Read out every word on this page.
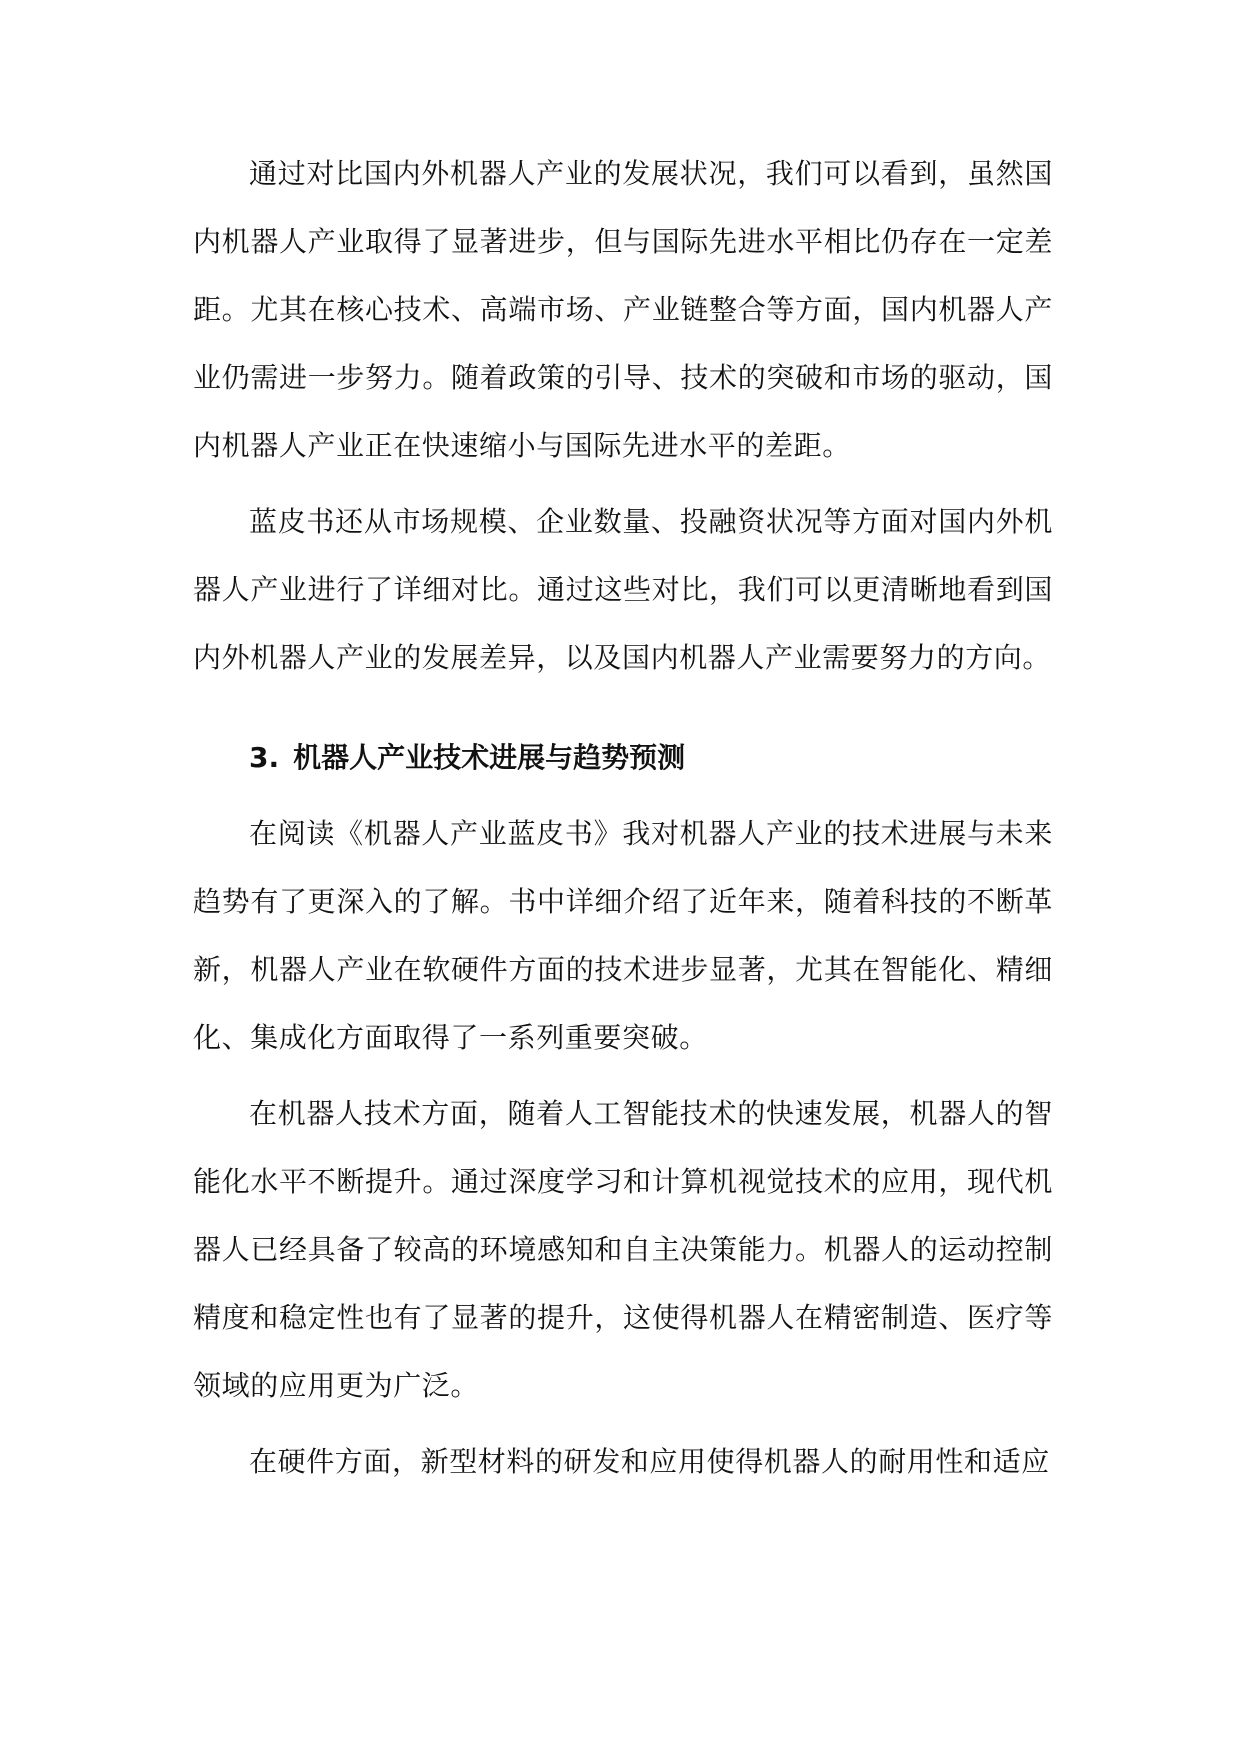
通过对比国内外机器人产业的发展状况，我们可以看到，虽然国内机器人产业取得了显著进步，但与国际先进水平相比仍存在一定差距。尤其在核心技术、高端市场、产业链整合等方面，国内机器人产业仍需进一步努力。随着政策的引导、技术的突破和市场的驱动，国内机器人产业正在快速缩小与国际先进水平的差距。

蓝皮书还从市场规模、企业数量、投融资状况等方面对国内外机器人产业进行了详细对比。通过这些对比，我们可以更清晰地看到国内外机器人产业的发展差异，以及国内机器人产业需要努力的方向。

3. 机器人产业技术进展与趋势预测

在阅读《机器人产业蓝皮书》我对机器人产业的技术进展与未来趋势有了更深入的了解。书中详细介绍了近年来，随着科技的不断革新，机器人产业在软硬件方面的技术进步显著，尤其在智能化、精细化、集成化方面取得了一系列重要突破。

在机器人技术方面，随着人工智能技术的快速发展，机器人的智能化水平不断提升。通过深度学习和计算机视觉技术的应用，现代机器人已经具备了较高的环境感知和自主决策能力。机器人的运动控制精度和稳定性也有了显著的提升，这使得机器人在精密制造、医疗等领域的应用更为广泛。

在硬件方面，新型材料的研发和应用使得机器人的耐用性和适应
